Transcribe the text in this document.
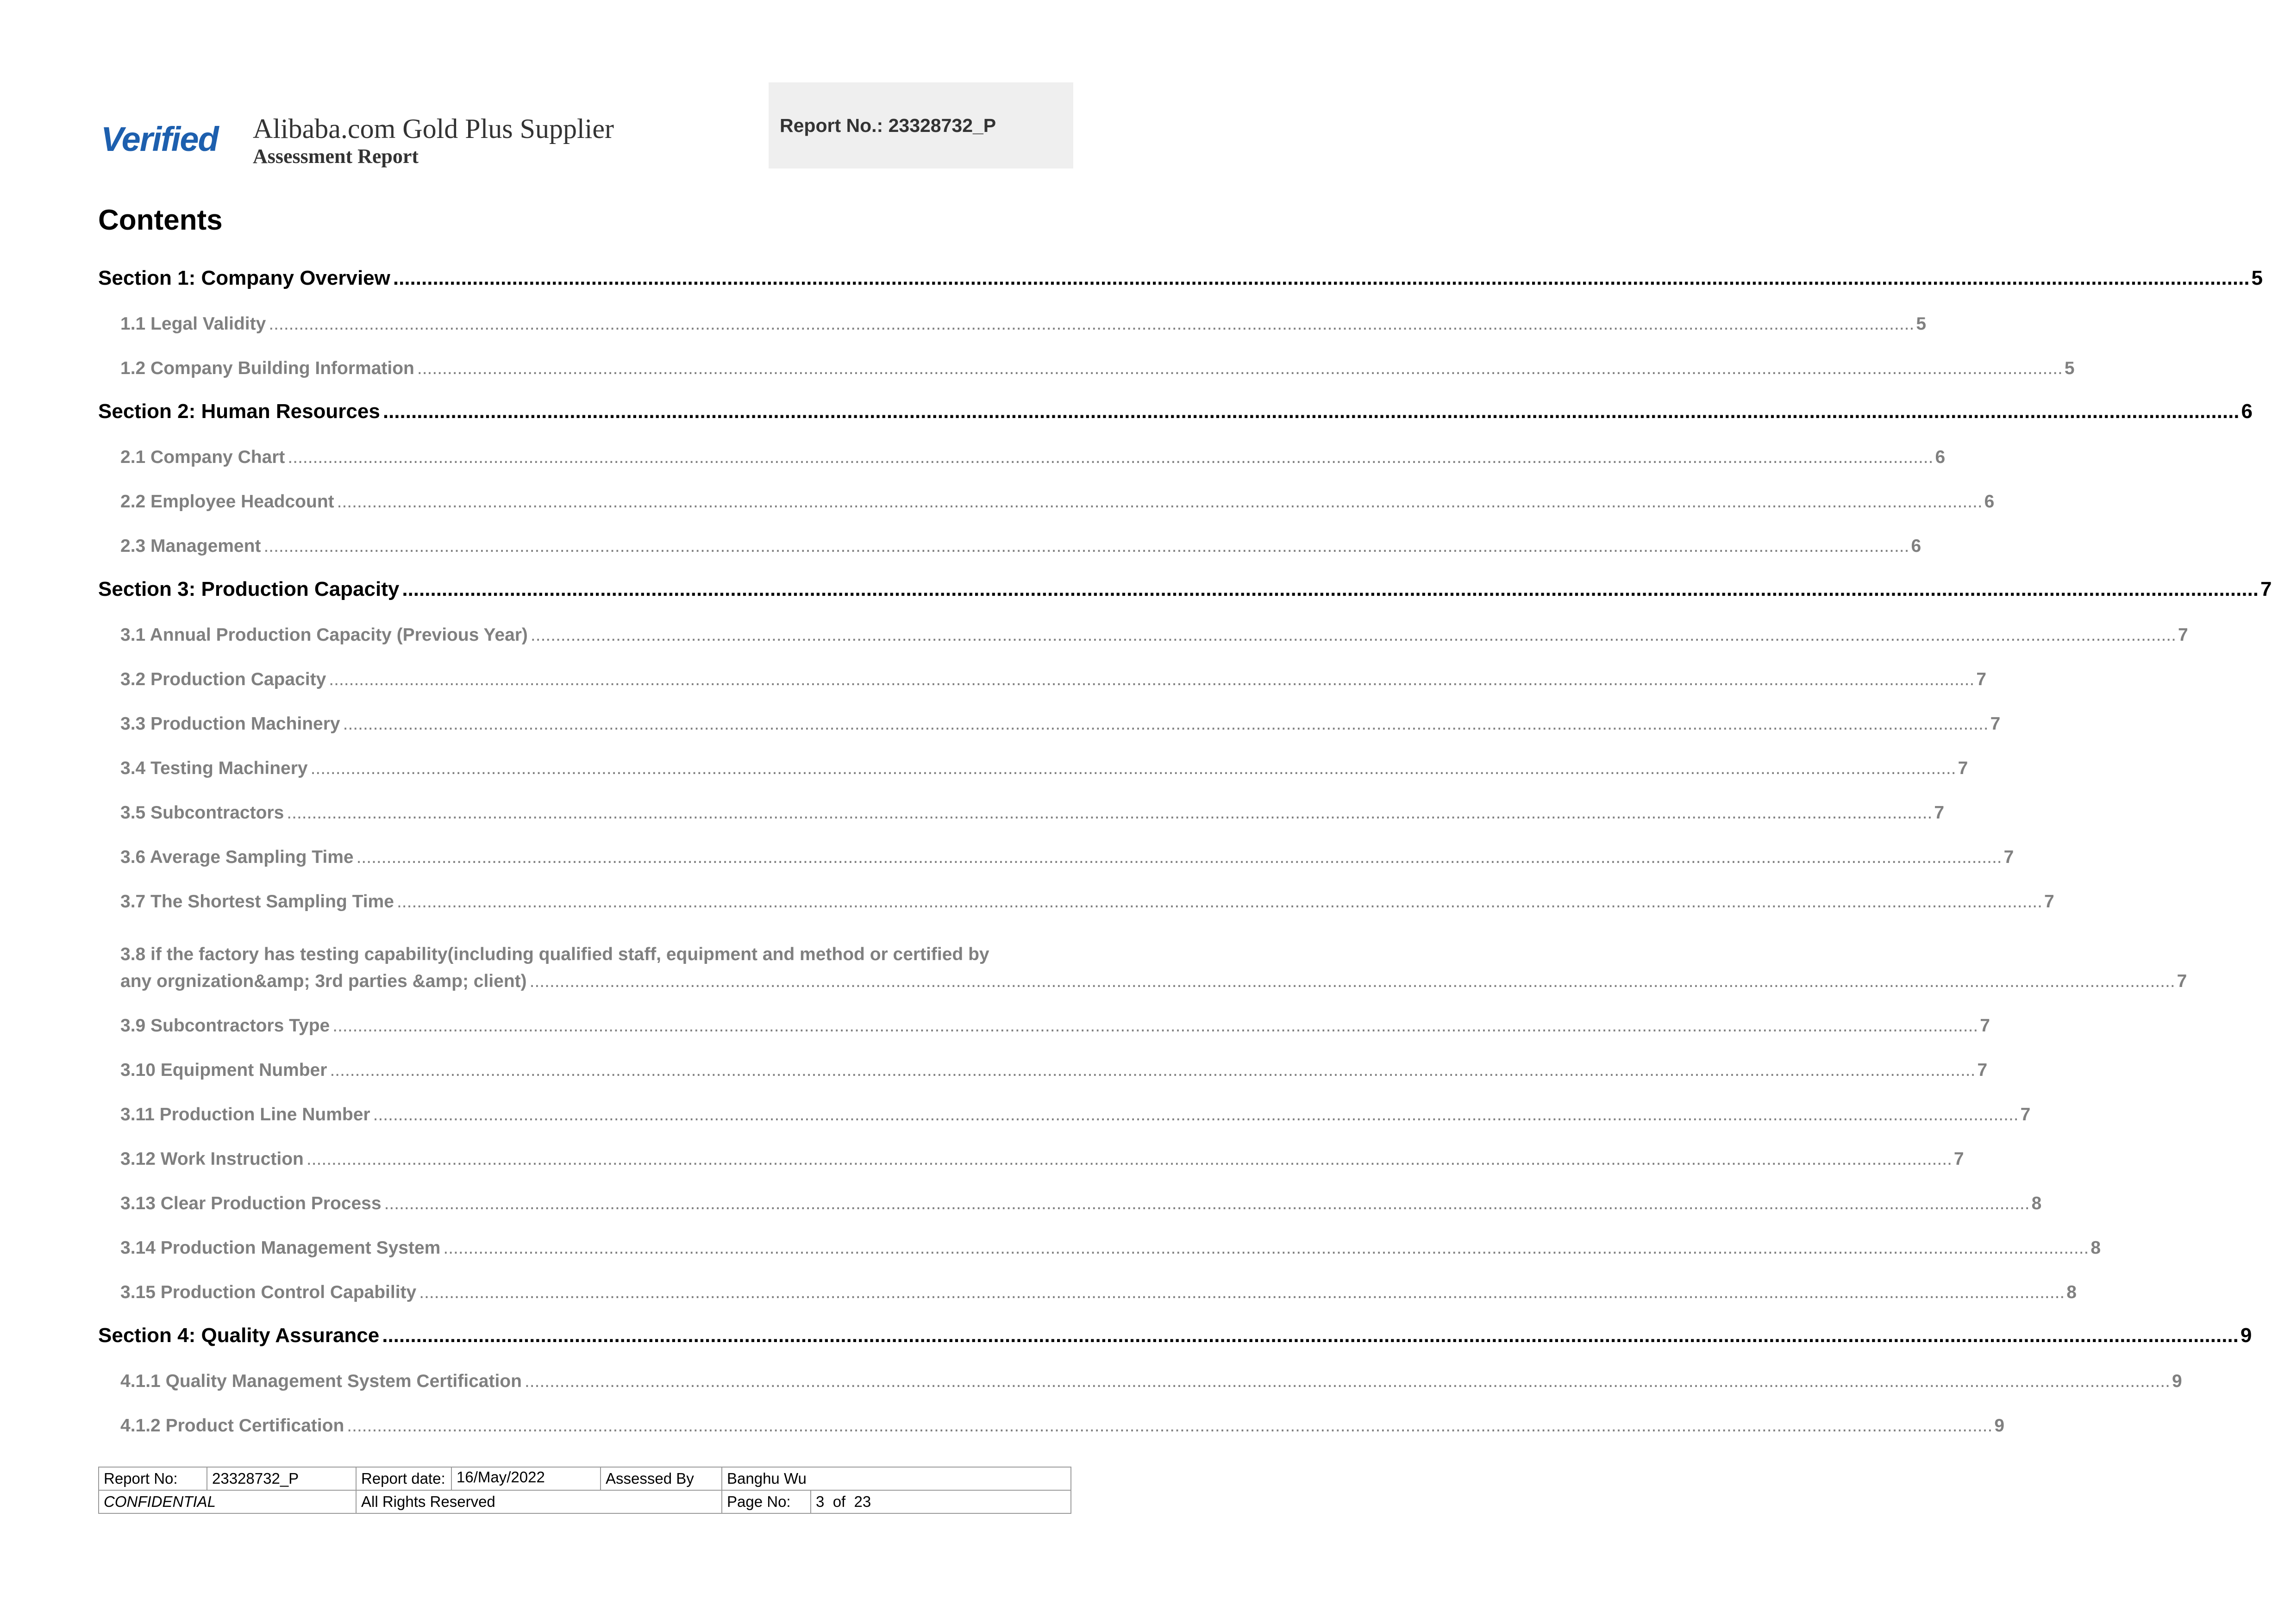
Verified Alibaba.com Gold Plus Supplier
Assessment Report
Report No.: 23328732_P
Contents
Section 1: Company Overview .....	5
1.1 Legal Validity .....	5
1.2 Company Building Information .....	5
Section 2: Human Resources .....	6
2.1 Company Chart .....	6
2.2 Employee Headcount .....	6
2.3 Management .....	6
Section 3: Production Capacity .....	7
3.1 Annual Production Capacity (Previous Year) .....	7
3.2 Production Capacity .....	7
3.3 Production Machinery .....	7
3.4 Testing Machinery .....	7
3.5 Subcontractors .....	7
3.6 Average Sampling Time .....	7
3.7 The Shortest Sampling Time .....	7
3.8 if the factory has testing capability(including qualified staff, equipment and method or certified by
any orgnization&amp; 3rd parties &amp; client) .....	7
3.9 Subcontractors Type .....	7
3.10 Equipment Number .....	7
3.11 Production Line Number .....	7
3.12 Work Instruction .....	7
3.13 Clear Production Process .....	8
3.14 Production Management System .....	8
3.15 Production Control Capability .....	8
Section 4: Quality Assurance .....	9
4.1.1 Quality Management System Certification .....	9
4.1.2 Product Certification .....	9
Report No:	23328732_P	Report date:	16/May/2022	Assessed By	Banghu Wu	
CONFIDENTIAL		All Rights Reserved			Page No:	3  of  23
